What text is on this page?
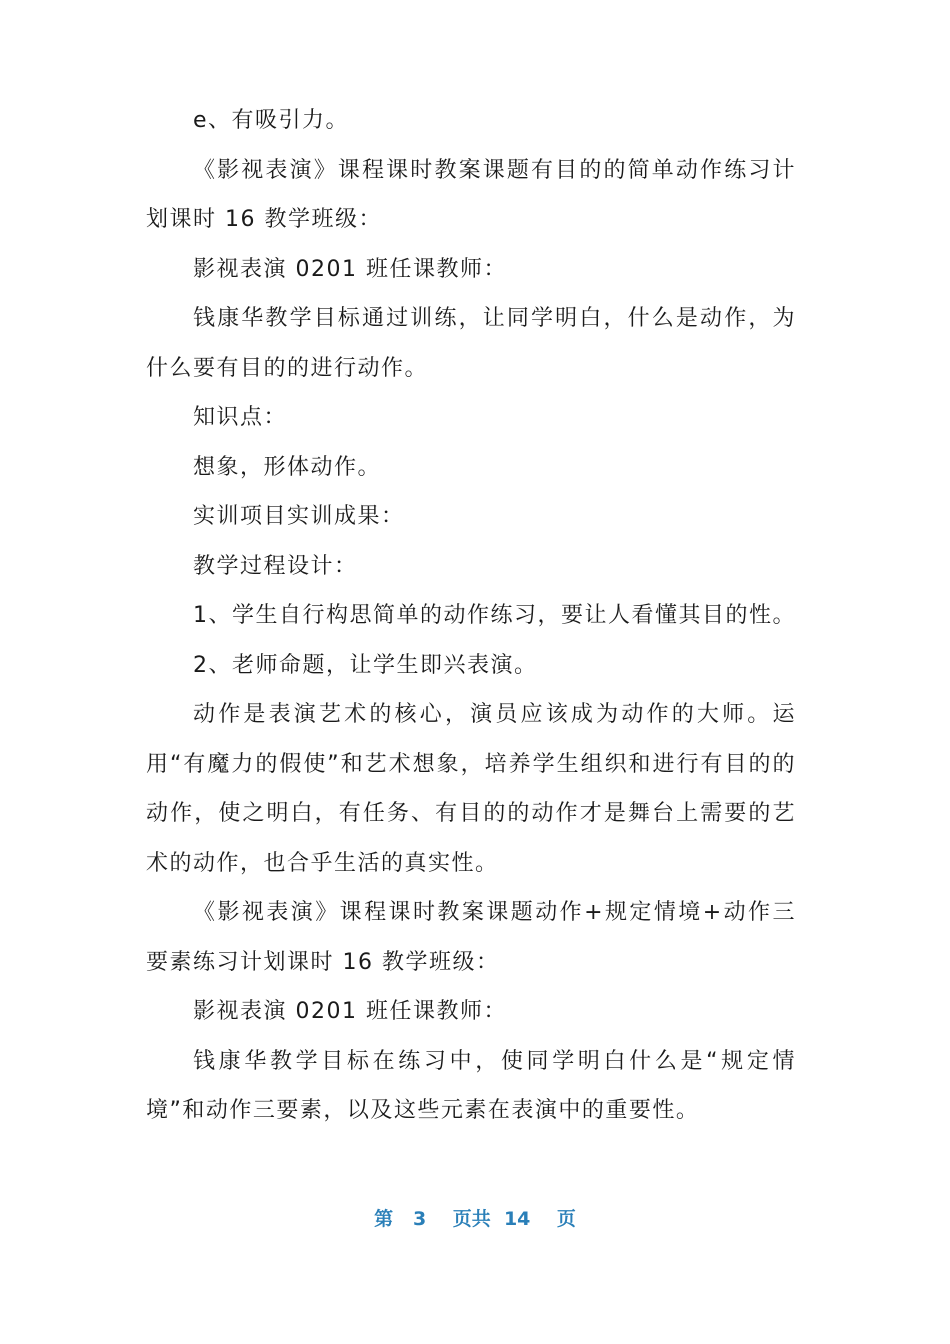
e、有吸引力。

《影视表演》课程课时教案课题有目的的简单动作练习计划课时 16 教学班级：

影视表演 0201 班任课教师：

钱康华教学目标通过训练，让同学明白，什么是动作，为什么要有目的的进行动作。

知识点：

想象，形体动作。

实训项目实训成果：

教学过程设计：

1、学生自行构思简单的动作练习，要让人看懂其目的性。

2、老师命题，让学生即兴表演。

动作是表演艺术的核心，演员应该成为动作的大师。运用“有魔力的假使”和艺术想象，培养学生组织和进行有目的的动作，使之明白，有任务、有目的的动作才是舞台上需要的艺术的动作，也合乎生活的真实性。

《影视表演》课程课时教案课题动作+规定情境+动作三要素练习计划课时 16 教学班级：

影视表演 0201 班任课教师：

钱康华教学目标在练习中，使同学明白什么是“规定情境”和动作三要素，以及这些元素在表演中的重要性。

第 3 页共 14 页
